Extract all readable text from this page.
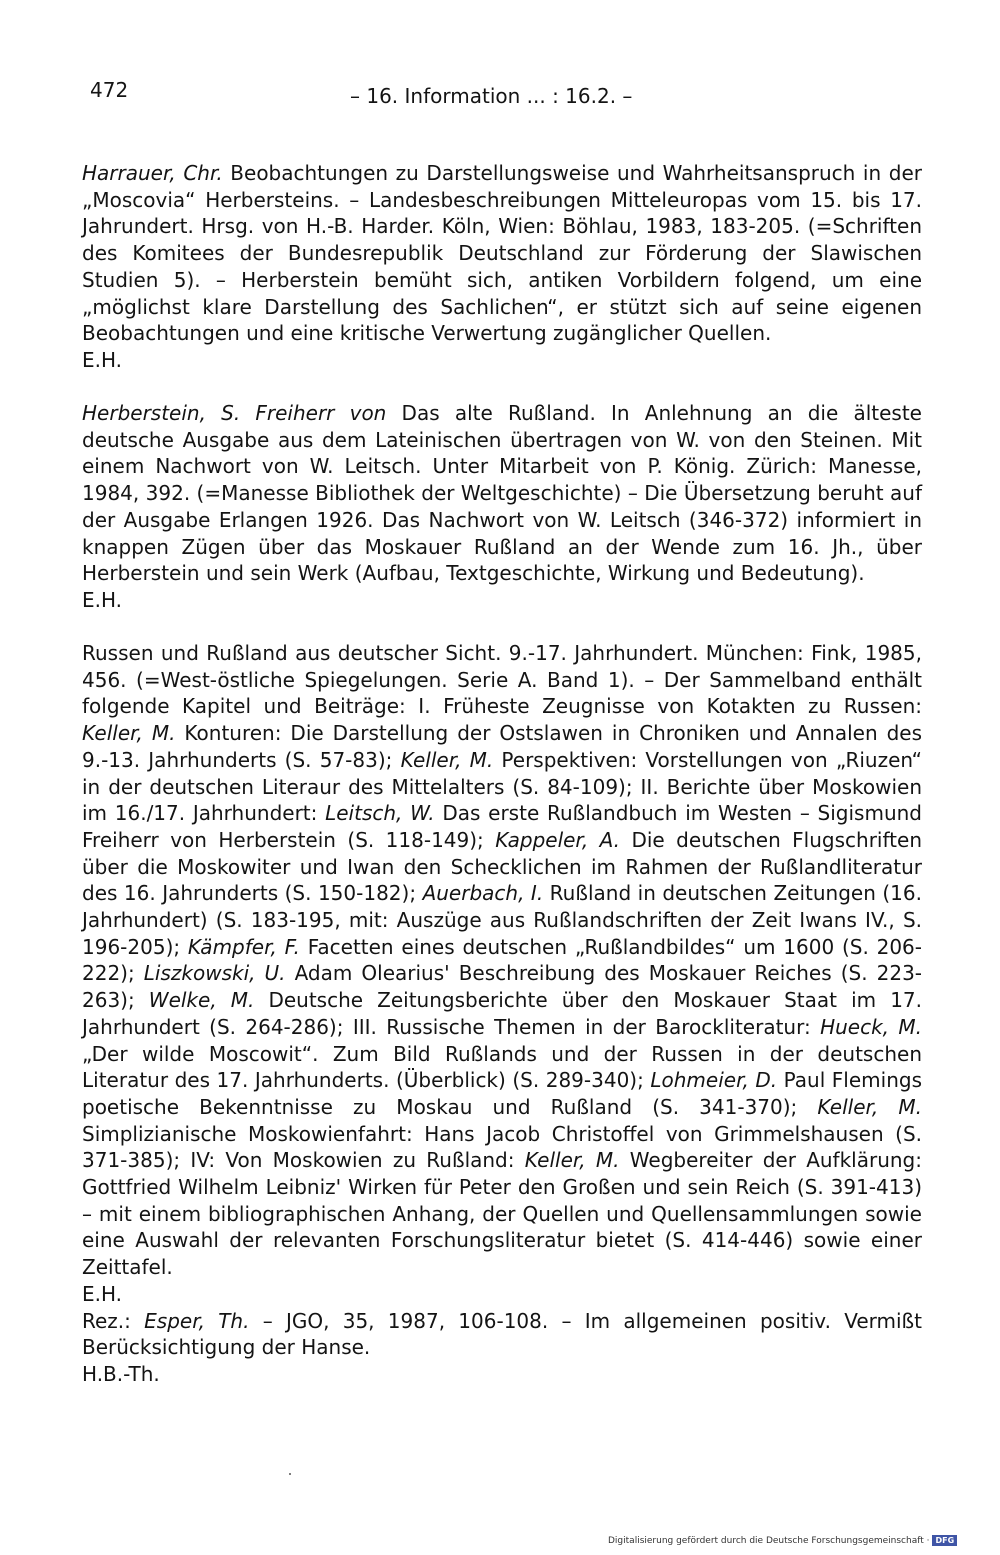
472	– 16. Information ... : 16.2. –

Harrauer, Chr. Beobachtungen zu Darstellungsweise und Wahrheitsanspruch in der „Moscovia“ Herbersteins. – Landesbeschreibungen Mitteleuropas vom 15. bis 17. Jahrundert. Hrsg. von H.-B. Harder. Köln, Wien: Böhlau, 1983, 183-205. (=Schriften des Komitees der Bundesrepublik Deutschland zur Förderung der Slawischen Studien 5). – Herberstein bemüht sich, antiken Vorbildern folgend, um eine „möglichst klare Darstellung des Sachlichen“, er stützt sich auf seine eigenen Beobachtungen und eine kritische Verwertung zugänglicher Quellen.

E.H.

Herberstein, S. Freiherr von Das alte Rußland. In Anlehnung an die älteste deutsche Ausgabe aus dem Lateinischen übertragen von W. von den Steinen. Mit einem Nachwort von W. Leitsch. Unter Mitarbeit von P. König. Zürich: Manesse, 1984, 392. (=Manesse Bibliothek der Weltgeschichte) – Die Übersetzung beruht auf der Ausgabe Erlangen 1926. Das Nachwort von W. Leitsch (346-372) informiert in knappen Zügen über das Moskauer Rußland an der Wende zum 16. Jh., über Herberstein und sein Werk (Aufbau, Textgeschichte, Wirkung und Bedeutung).

E.H.

Russen und Rußland aus deutscher Sicht. 9.-17. Jahrhundert. München: Fink, 1985, 456. (=West-östliche Spiegelungen. Serie A. Band 1). – Der Sammelband enthält folgende Kapitel und Beiträge: I. Früheste Zeugnisse von Kotakten zu Russen: Keller, M. Konturen: Die Darstellung der Ostslawen in Chroniken und Annalen des 9.-13. Jahrhunderts (S. 57-83); Keller, M. Perspektiven: Vorstellungen von „Riuzen“ in der deutschen Literaur des Mittelalters (S. 84-109); II. Berichte über Moskowien im 16./17. Jahrhundert: Leitsch, W. Das erste Rußlandbuch im Westen – Sigismund Freiherr von Herberstein (S. 118-149); Kappeler, A. Die deutschen Flugschriften über die Moskowiter und Iwan den Schecklichen im Rahmen der Rußlandliteratur des 16. Jahrunderts (S. 150-182); Auerbach, I. Rußland in deutschen Zeitungen (16. Jahrhundert) (S. 183-195, mit: Auszüge aus Rußlandschriften der Zeit Iwans IV., S. 196-205); Kämpfer, F. Facetten eines deutschen „Rußlandbildes“ um 1600 (S. 206-222); Liszkowski, U. Adam Olearius' Beschreibung des Moskauer Reiches (S. 223-263); Welke, M. Deutsche Zeitungsberichte über den Moskauer Staat im 17. Jahrhundert (S. 264-286); III. Russische Themen in der Barockliteratur: Hueck, M. „Der wilde Moscowit“. Zum Bild Rußlands und der Russen in der deutschen Literatur des 17. Jahrhunderts. (Überblick) (S. 289-340); Lohmeier, D. Paul Flemings poetische Bekenntnisse zu Moskau und Rußland (S. 341-370); Keller, M. Simplizianische Moskowienfahrt: Hans Jacob Christoffel von Grimmelshausen (S. 371-385); IV: Von Moskowien zu Rußland: Keller, M. Wegbereiter der Aufklärung: Gottfried Wilhelm Leibniz' Wirken für Peter den Großen und sein Reich (S. 391-413) – mit einem bibliographischen Anhang, der Quellen und Quellensammlungen sowie eine Auswahl der relevanten Forschungsliteratur bietet (S. 414-446) sowie einer Zeittafel.

E.H.

Rez.: Esper, Th. – JGO, 35, 1987, 106-108. – Im allgemeinen positiv. Vermißt Berücksichtigung der Hanse.

H.B.-Th.

Digitalisierung gefördert durch die Deutsche Forschungsgemeinschaft · DFG
